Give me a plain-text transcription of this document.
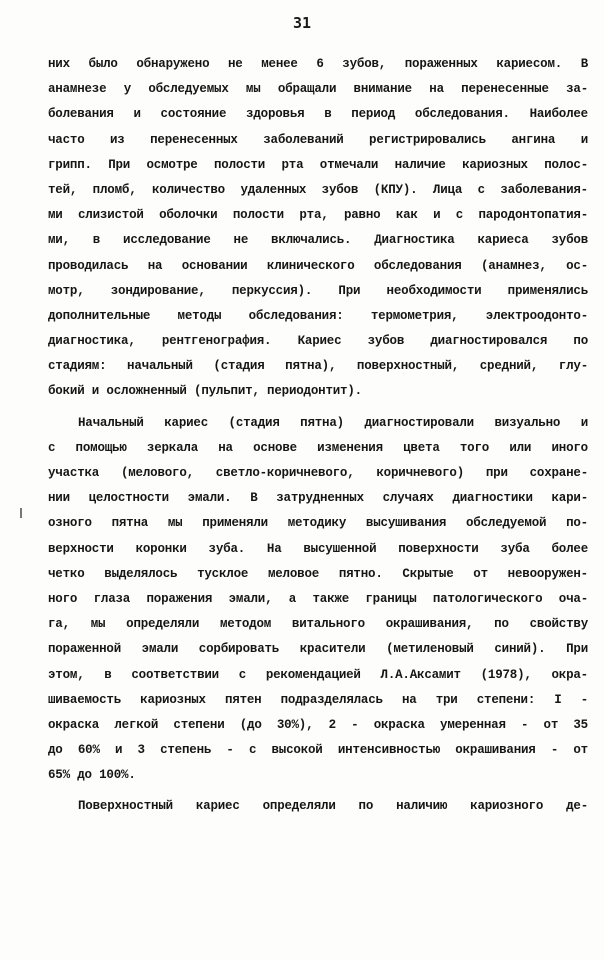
31
них было обнаружено не менее 6 зубов, пораженных кариесом. В
анамнезе у обследуемых мы обращали внимание на перенесенные за-
болевания и состояние здоровья в период обследования. Наиболее
часто из перенесенных заболеваний регистрировались ангина и
грипп. При осмотре полости рта отмечали наличие кариозных полос-
тей, пломб, количество удаленных зубов (КПУ). Лица с заболевания-
ми слизистой оболочки полости рта, равно как и с пародонтопатия-
ми, в исследование не включались. Диагностика кариеса зубов
проводилась на основании клинического обследования (анамнез, ос-
мотр, зондирование, перкуссия). При необходимости применялись
дополнительные методы обследования: термометрия, электроодонто-
диагностика, рентгенография. Кариес зубов диагностировался по
стадиям: начальный (стадия пятна), поверхностный, средний, глу-
бокий и осложненный (пульпит, периодонтит).
Начальный кариес (стадия пятна) диагностировали визуально и
с помощью зеркала на основе изменения цвета того или иного
участка (мелового, светло-коричневого, коричневого) при сохране-
нии целостности эмали. В затрудненных случаях диагностики кари-
озного пятна мы применяли методику высушивания обследуемой по-
верхности коронки зуба. На высушенной поверхности зуба более
четко выделялось тусклое меловое пятно. Скрытые от невооружен-
ного глаза поражения эмали, а также границы патологического оча-
га, мы определяли методом витального окрашивания, по свойству
пораженной эмали сорбировать красители (метиленовый синий). При
этом, в соответствии с рекомендацией Л.А.Аксамит (1978), окра-
шиваемость кариозных пятен подразделялась на три степени: I -
окраска легкой степени (до 30%), 2 - окраска умеренная - от 35
до 60% и 3 степень - с высокой интенсивностью окрашивания - от
65% до 100%.
Поверхностный кариес определяли по наличию кариозного де-
